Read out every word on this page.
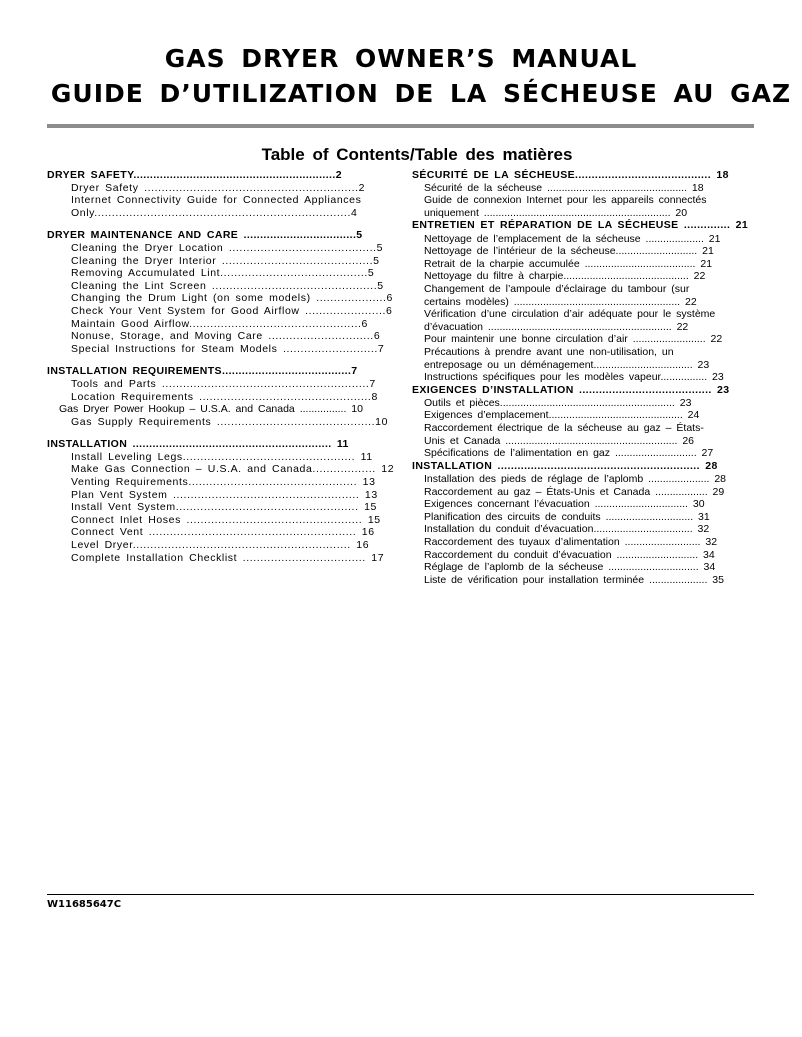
GAS DRYER OWNER’S MANUAL
GUIDE D’UTILIZATION DE LA SÉCHEUSE AU GAZ
Table of Contents/Table des matières
DRYER SAFETY.............................................................2
Dryer Safety .............................................................2
Internet Connectivity Guide for Connected Appliances
Only.........................................................................4
DRYER MAINTENANCE AND CARE ..................................5
Cleaning the Dryer Location ..........................................5
Cleaning the Dryer Interior ...........................................5
Removing Accumulated Lint..........................................5
Cleaning the Lint Screen ...............................................5
Changing the Drum Light (on some models) ....................6
Check Your Vent System for Good Airflow .......................6
Maintain Good Airflow.................................................6
Nonuse, Storage, and Moving Care ..............................6
Special Instructions for Steam Models ...........................7
INSTALLATION REQUIREMENTS.......................................7
Tools and Parts ...........................................................7
Location Requirements .................................................8
Gas Dryer Power Hookup – U.S.A. and Canada ................ 10
Gas Supply Requirements .............................................10
INSTALLATION ............................................................ 11
Install Leveling Legs................................................. 11
Make Gas Connection – U.S.A. and Canada.................. 12
Venting Requirements................................................ 13
Plan Vent System ..................................................... 13
Install Vent System.................................................... 15
Connect Inlet Hoses .................................................. 15
Connect Vent ........................................................... 16
Level Dryer.............................................................. 16
Complete Installation Checklist ................................... 17
SÉCURITÉ DE LA SÉCHEUSE......................................... 18
Sécurité de la sécheuse ................................................ 18
Guide de connexion Internet pour les appareils connectés
uniquement ................................................................ 20
ENTRETIEN ET RÉPARATION DE LA SÉCHEUSE .............. 21
Nettoyage de l’emplacement de la sécheuse .................... 21
Nettoyage de l’intérieur de la sécheuse............................ 21
Retrait de la charpie accumulée ...................................... 21
Nettoyage du filtre à charpie........................................... 22
Changement de l’ampoule d’éclairage du tambour (sur
certains modèles) ......................................................... 22
Vérification d’une circulation d’air adéquate pour le système
d’évacuation ............................................................... 22
Pour maintenir une bonne circulation d’air ......................... 22
Précautions à prendre avant une non-utilisation, un
entreposage ou un déménagement.................................. 23
Instructions spécifiques pour les modèles vapeur................ 23
EXIGENCES D’INSTALLATION ........................................ 23
Outils et pièces............................................................ 23
Exigences d’emplacement.............................................. 24
Raccordement électrique de la sécheuse au gaz – États-
Unis et Canada ........................................................... 26
Spécifications de l’alimentation en gaz ............................ 27
INSTALLATION ............................................................. 28
Installation des pieds de réglage de l’aplomb ..................... 28
Raccordement au gaz – États-Unis et Canada .................. 29
Exigences concernant l’évacuation ................................ 30
Planification des circuits de conduits .............................. 31
Installation du conduit d’évacuation.................................. 32
Raccordement des tuyaux d’alimentation .......................... 32
Raccordement du conduit d’évacuation ............................ 34
Réglage de l’aplomb de la sécheuse ............................... 34
Liste de vérification pour installation terminée .................... 35
W11685647C
